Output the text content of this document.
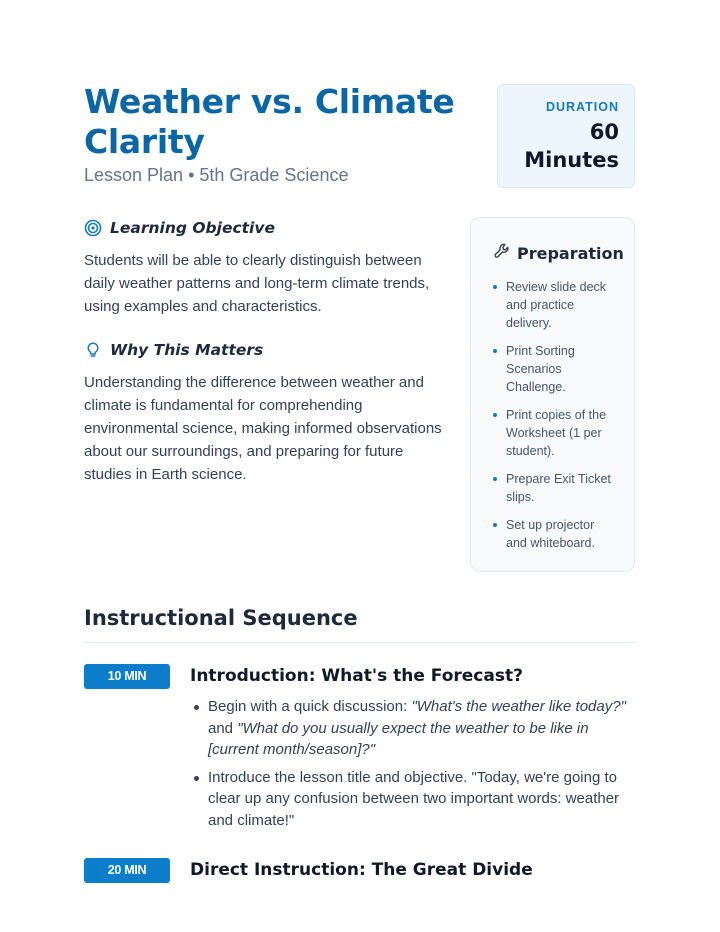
Weather vs. Climate Clarity
Lesson Plan • 5th Grade Science
DURATION
60
Minutes
Learning Objective

Students will be able to clearly distinguish between daily weather patterns and long-term climate trends, using examples and characteristics.

Why This Matters

Understanding the difference between weather and climate is fundamental for comprehending environmental science, making informed observations about our surroundings, and preparing for future studies in Earth science.

Preparation
Review slide deck and practice delivery.
Print Sorting Scenarios Challenge.
Print copies of the Worksheet (1 per student).
Prepare Exit Ticket slips.
Set up projector and whiteboard.
Instructional Sequence
10 MIN	Introduction: What's the Forecast?
Begin with a quick discussion: "What's the weather like today?" and "What do you usually expect the weather to be like in [current month/season]?"
Introduce the lesson title and objective. "Today, we're going to clear up any confusion between two important words: weather and climate!"
20 MIN	Direct Instruction: The Great Divide
